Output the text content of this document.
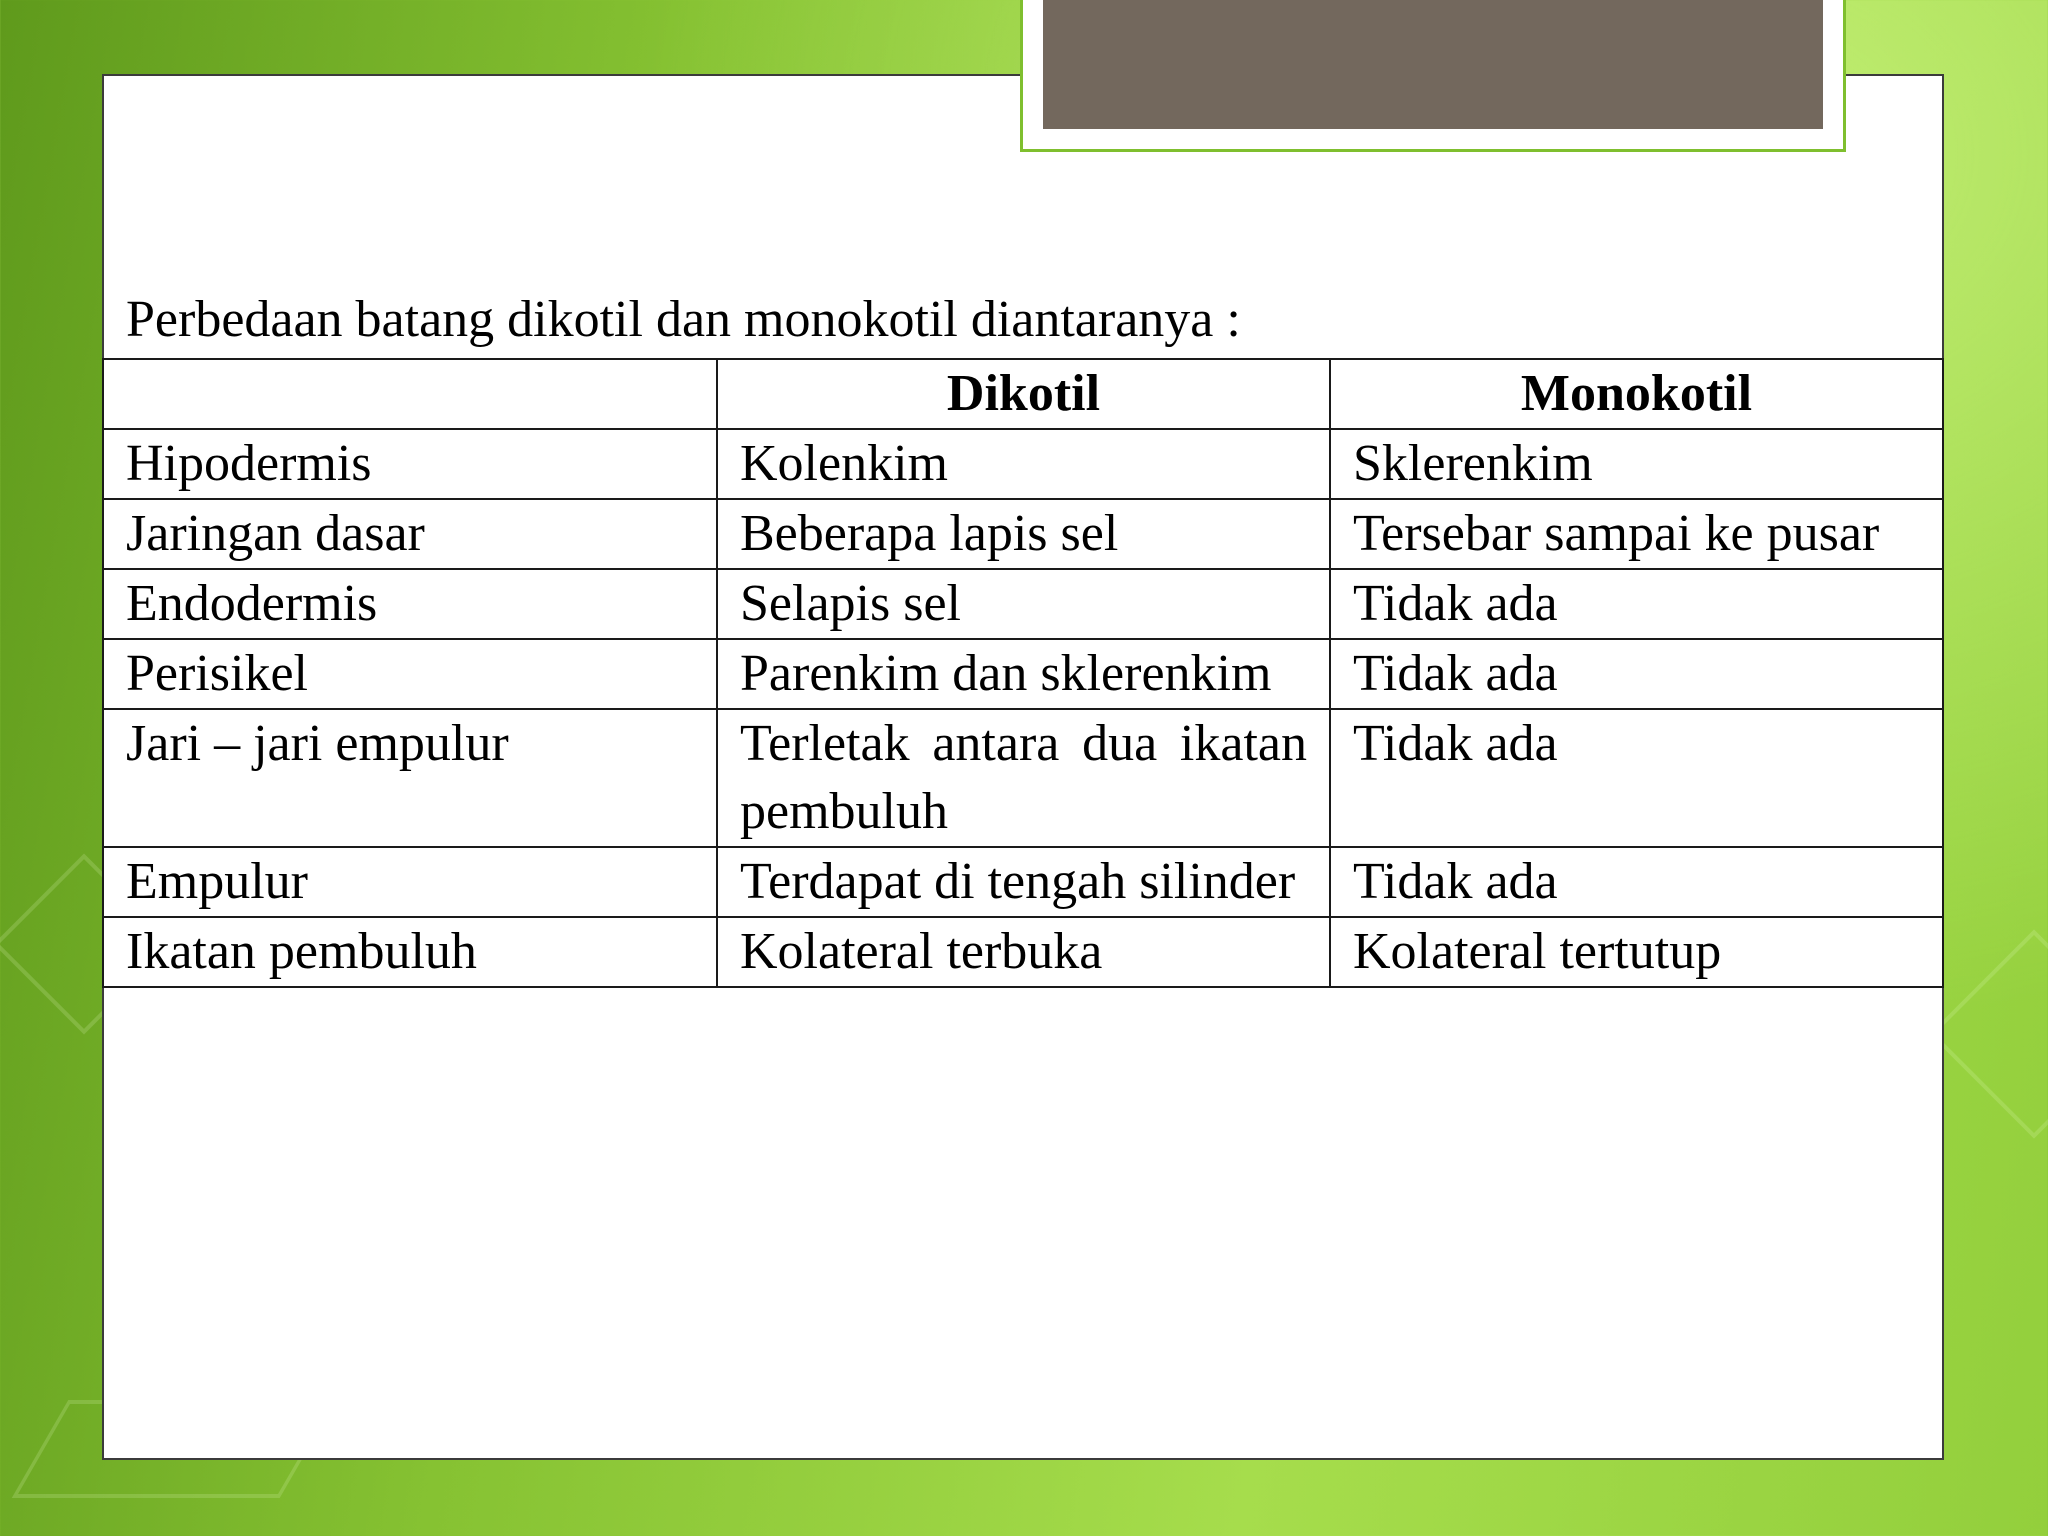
Perbedaan batang dikotil dan monokotil diantaranya :
	Dikotil	Monokotil
Hipodermis	Kolenkim	Sklerenkim
Jaringan dasar	Beberapa lapis sel	Tersebar sampai ke pusar
Endodermis	Selapis sel	Tidak ada
Perisikel	Parenkim dan sklerenkim	Tidak ada
Jari – jari empulur	Terletak antara dua ikatan pembuluh	Tidak ada
Empulur	Terdapat di tengah silinder	Tidak ada
Ikatan pembuluh	Kolateral terbuka	Kolateral tertutup
